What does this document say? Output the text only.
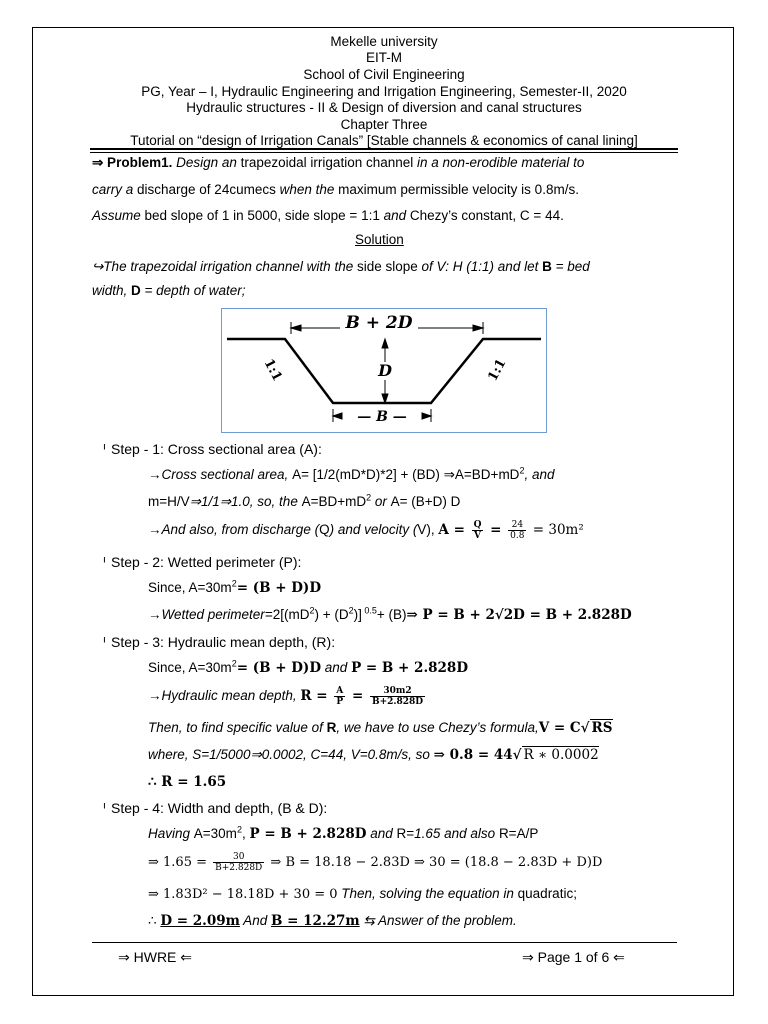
Mekelle university
EIT-M
School of Civil Engineering
PG, Year – I, Hydraulic Engineering and Irrigation Engineering, Semester-II, 2020
Hydraulic structures - II & Design of diversion and canal structures
Chapter Three
Tutorial on “design of Irrigation Canals” [Stable channels & economics of canal lining]
⇒ Problem1. Design an trapezoidal irrigation channel in a non-erodible material to
carry a discharge of 24cumecs when the maximum permissible velocity is 0.8m/s.
Assume bed slope of 1 in 5000, side slope = 1:1 and Chezy’s constant, C = 44.
Solution
↪The trapezoidal irrigation channel with the side slope of V: H (1:1) and let B = bed
width, D = depth of water;
B + 2D
D
— B —
1:1	1:1
ᑊ Step - 1: Cross sectional area (A):
→Cross sectional area, A= [1/2(mD*D)*2] + (BD) $\Rightarrow A=BD+mD^2$, and
m=H/V⇒1/1⇒1.0, so, the $A=BD+mD^2$ or A= (B+D) D
→And also, from discharge (Q) and velocity (V), $A = \frac{Q}{V} = \frac{24}{0.8} = 30m^2$
ᑊ Step - 2: Wetted perimeter (P):
Since, $A=30m^2= (B + D)D$
→Wetted $perimeter=2[(mD^2) + (D^2)]$ $^{0.5}$+ (B)⇒ P = B + 2√2D = B + 2.828D
ᑊ Step - 3: Hydraulic mean depth, (R):
Since, $A=30m^2= (B + D)D$ and P = B + 2.828D
→Hydraulic mean depth, $R = \frac{A}{P} = \frac{30m2}{B+2.828D}$
Then, to find specific value of R, we have to use Chezy’s formula,V = C√ RS
where, S=1/5000⇒0.0002, C=44, V=0.8m/s, so ⇒ 0.8 = 44√ R ∗ 0.0002
∴ R = 1.65
ᑊ Step - 4: Width and depth, (B & D):
Having $A=30m^2$, P = B + 2.828D and R=1.65 and also R=A/P
⇒ $1.65 = \frac{30}{B+2.828D}$ ⇒ B = 18.18 − 2.83D ⇒ 30 = (18.8 − 2.83D + D)D
⇒ 1.83D² − 18.18D + 30 = 0 Then, solving the equation in quadratic;
∴ D = 2.09m And B = 12.27m ⇆ Answer of the problem.
⇒ HWRE ⇐	⇒ Page 1 of 6 ⇐
